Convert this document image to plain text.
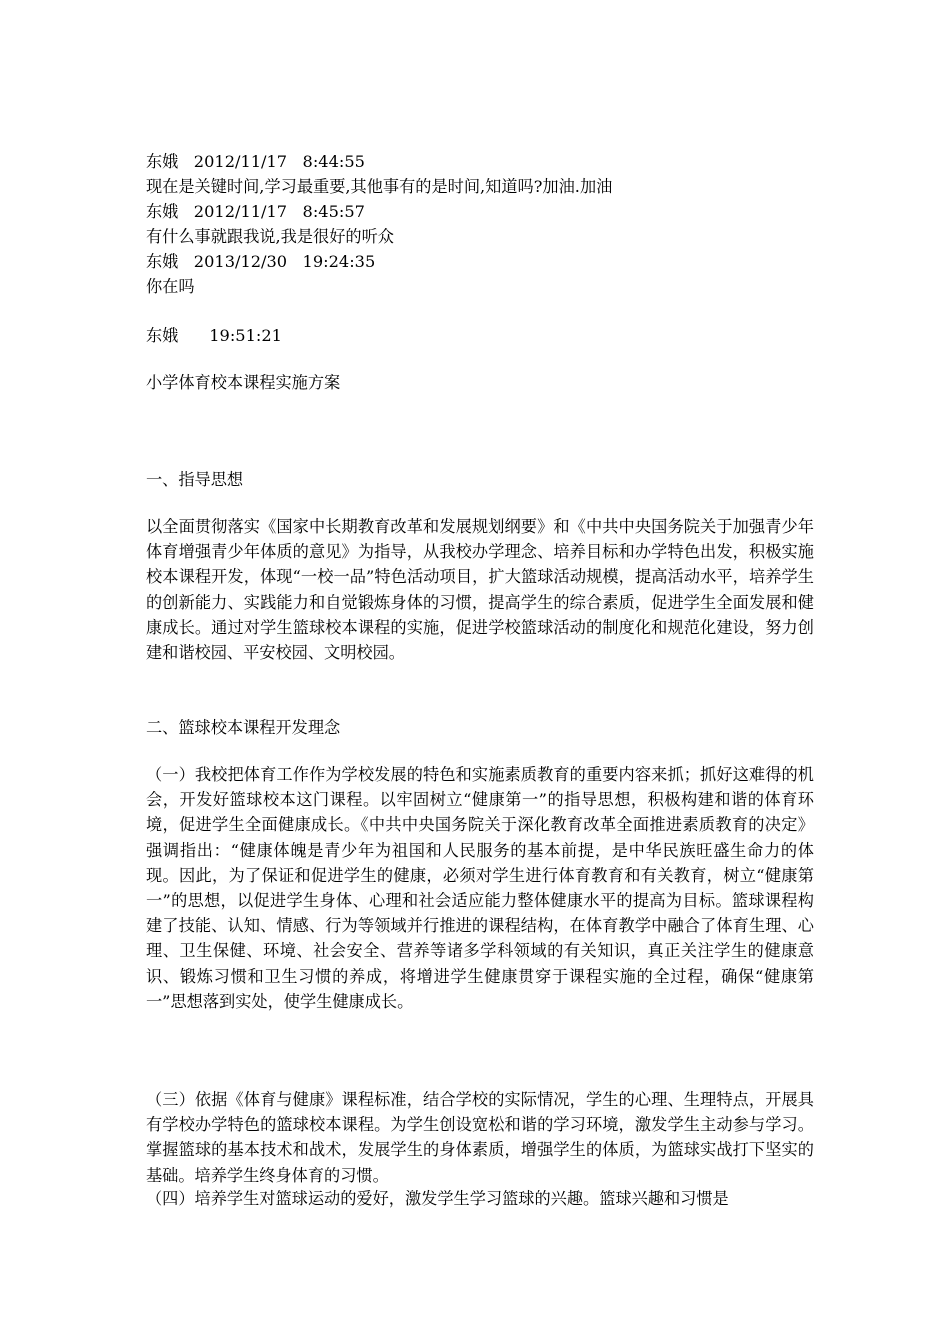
东娥   2012/11/17   8:44:55
现在是关键时间,学习最重要,其他事有的是时间,知道吗?加油.加油
东娥   2012/11/17   8:45:57
有什么事就跟我说,我是很好的听众
东娥   2013/12/30   19:24:35
你在吗
东娥      19:51:21
小学体育校本课程实施方案
一、指导思想
以全面贯彻落实《国家中长期教育改革和发展规划纲要》和《中共中央国务院关于加强青少年体育增强青少年体质的意见》为指导，从我校办学理念、培养目标和办学特色出发，积极实施校本课程开发，体现“一校一品”特色活动项目，扩大篮球活动规模，提高活动水平，培养学生的创新能力、实践能力和自觉锻炼身体的习惯，提高学生的综合素质，促进学生全面发展和健康成长。通过对学生篮球校本课程的实施，促进学校篮球活动的制度化和规范化建设，努力创建和谐校园、平安校园、文明校园。
二、篮球校本课程开发理念
（一）我校把体育工作作为学校发展的特色和实施素质教育的重要内容来抓；抓好这难得的机会，开发好篮球校本这门课程。以牢固树立“健康第一”的指导思想，积极构建和谐的体育环境，促进学生全面健康成长。《中共中央国务院关于深化教育改革全面推进素质教育的决定》强调指出：“健康体魄是青少年为祖国和人民服务的基本前提，是中华民族旺盛生命力的体现。因此，为了保证和促进学生的健康，必须对学生进行体育教育和有关教育，树立“健康第一”的思想，以促进学生身体、心理和社会适应能力整体健康水平的提高为目标。篮球课程构建了技能、认知、情感、行为等领域并行推进的课程结构，在体育教学中融合了体育生理、心理、卫生保健、环境、社会安全、营养等诸多学科领域的有关知识，真正关注学生的健康意识、锻炼习惯和卫生习惯的养成，将增进学生健康贯穿于课程实施的全过程，确保“健康第一”思想落到实处，使学生健康成长。
（三）依据《体育与健康》课程标准，结合学校的实际情况，学生的心理、生理特点，开展具有学校办学特色的篮球校本课程。为学生创设宽松和谐的学习环境，激发学生主动参与学习。掌握篮球的基本技术和战术，发展学生的身体素质，增强学生的体质，为篮球实战打下坚实的基础。培养学生终身体育的习惯。
（四）培养学生对篮球运动的爱好，激发学生学习篮球的兴趣。篮球兴趣和习惯是
